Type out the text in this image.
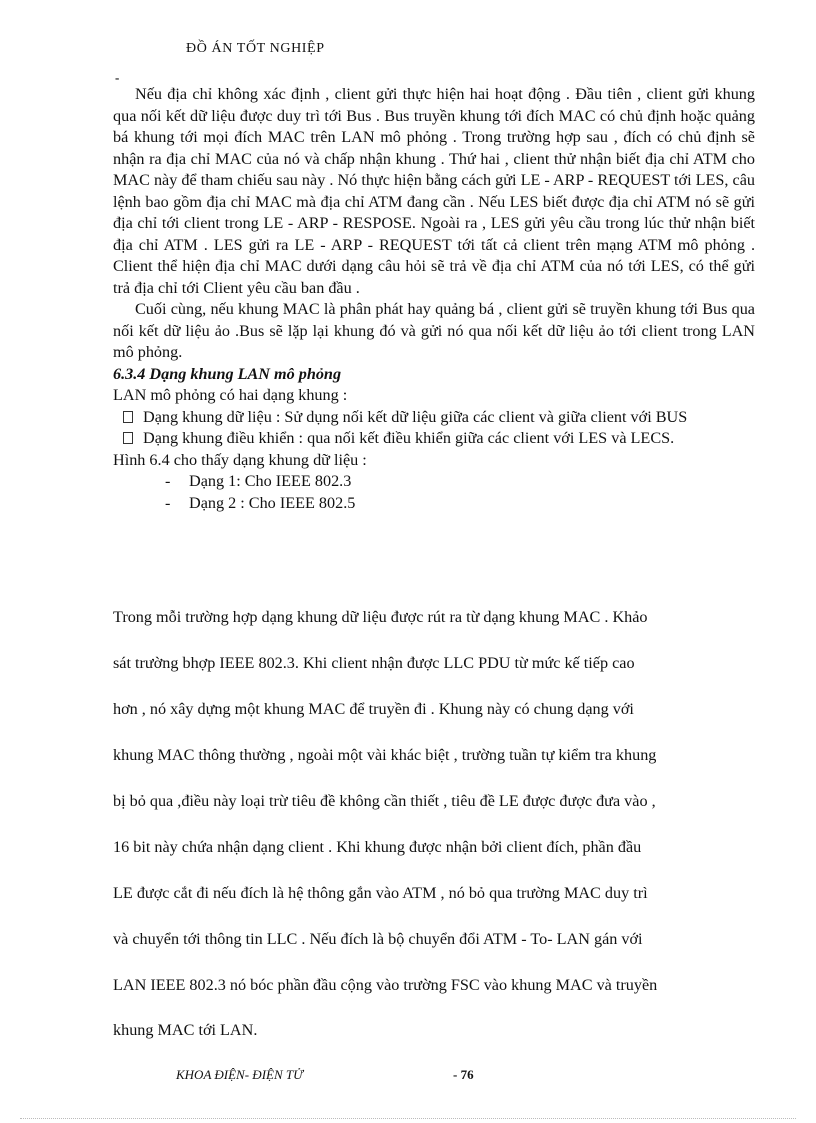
ĐỒ ÁN TỐT NGHIỆP
-

Nếu địa chỉ không xác định , client gửi thực hiện hai hoạt động . Đầu tiên , client gửi khung qua nối kết dữ liệu được duy trì tới Bus . Bus truyền khung tới đích MAC có chủ định hoặc quảng bá khung tới mọi đích MAC trên LAN mô phỏng . Trong trường hợp sau , đích có chủ định sẽ nhận ra địa chỉ MAC của nó và chấp nhận khung . Thứ hai , client thử nhận biết địa chỉ ATM cho MAC này để tham chiếu sau này . Nó thực hiện bằng cách gửi LE - ARP - REQUEST tới LES, câu lệnh bao gồm địa chỉ MAC mà địa chỉ ATM đang cần . Nếu LES biết được địa chỉ ATM nó sẽ gửi địa chỉ tới client trong LE - ARP - RESPOSE. Ngoài ra , LES gửi yêu cầu trong lúc thử nhận biết địa chỉ ATM . LES gửi ra LE - ARP - REQUEST tới tất cả client trên mạng ATM mô phỏng . Client thể hiện địa chỉ MAC dưới dạng câu hỏi sẽ trả về địa chỉ ATM của nó tới LES, có thể gửi trả địa chỉ tới Client yêu cầu ban đầu .

Cuối cùng, nếu khung MAC là phân phát hay quảng bá , client gửi sẽ truyền khung tới Bus qua nối kết dữ liệu ảo .Bus sẽ lặp lại khung đó và gửi nó qua nối kết dữ liệu ảo tới client trong LAN mô phỏng.

6.3.4 Dạng khung LAN mô phỏng

LAN mô phỏng có hai dạng khung :

Dạng khung dữ liệu : Sử dụng nối kết dữ liệu giữa các client và giữa client với BUS
Dạng khung điều khiển : qua nối kết điều khiển giữa các client với LES và LECS.

Hình 6.4 cho thấy dạng khung dữ liệu :

- Dạng 1: Cho IEEE 802.3
- Dạng 2 : Cho IEEE 802.5
Trong mỗi trường hợp dạng khung dữ liệu được rút ra từ dạng khung MAC . Khảo
sát trường bhợp IEEE 802.3. Khi client nhận được LLC PDU từ mức kế tiếp cao
hơn , nó xây dựng một khung MAC để truyền đi . Khung này có chung dạng với
khung MAC thông thường , ngoài một vài khác biệt , trường tuần tự kiểm tra khung
bị bỏ qua ,điều này loại trừ tiêu đề không cần thiết , tiêu đề LE được được đưa vào ,
16 bit này chứa nhận dạng client . Khi khung được nhận bởi client đích, phần đầu
LE được cắt đi nếu đích là hệ thông gắn vào ATM , nó bỏ qua trường MAC duy trì
và chuyển tới thông tin LLC . Nếu đích là bộ chuyển đổi ATM - To- LAN gán với
LAN IEEE 802.3 nó bóc phần đầu cộng vào trường FSC vào khung MAC và truyền
khung MAC tới LAN.
KHOA ĐIỆN- ĐIỆN TỬ	- 76
